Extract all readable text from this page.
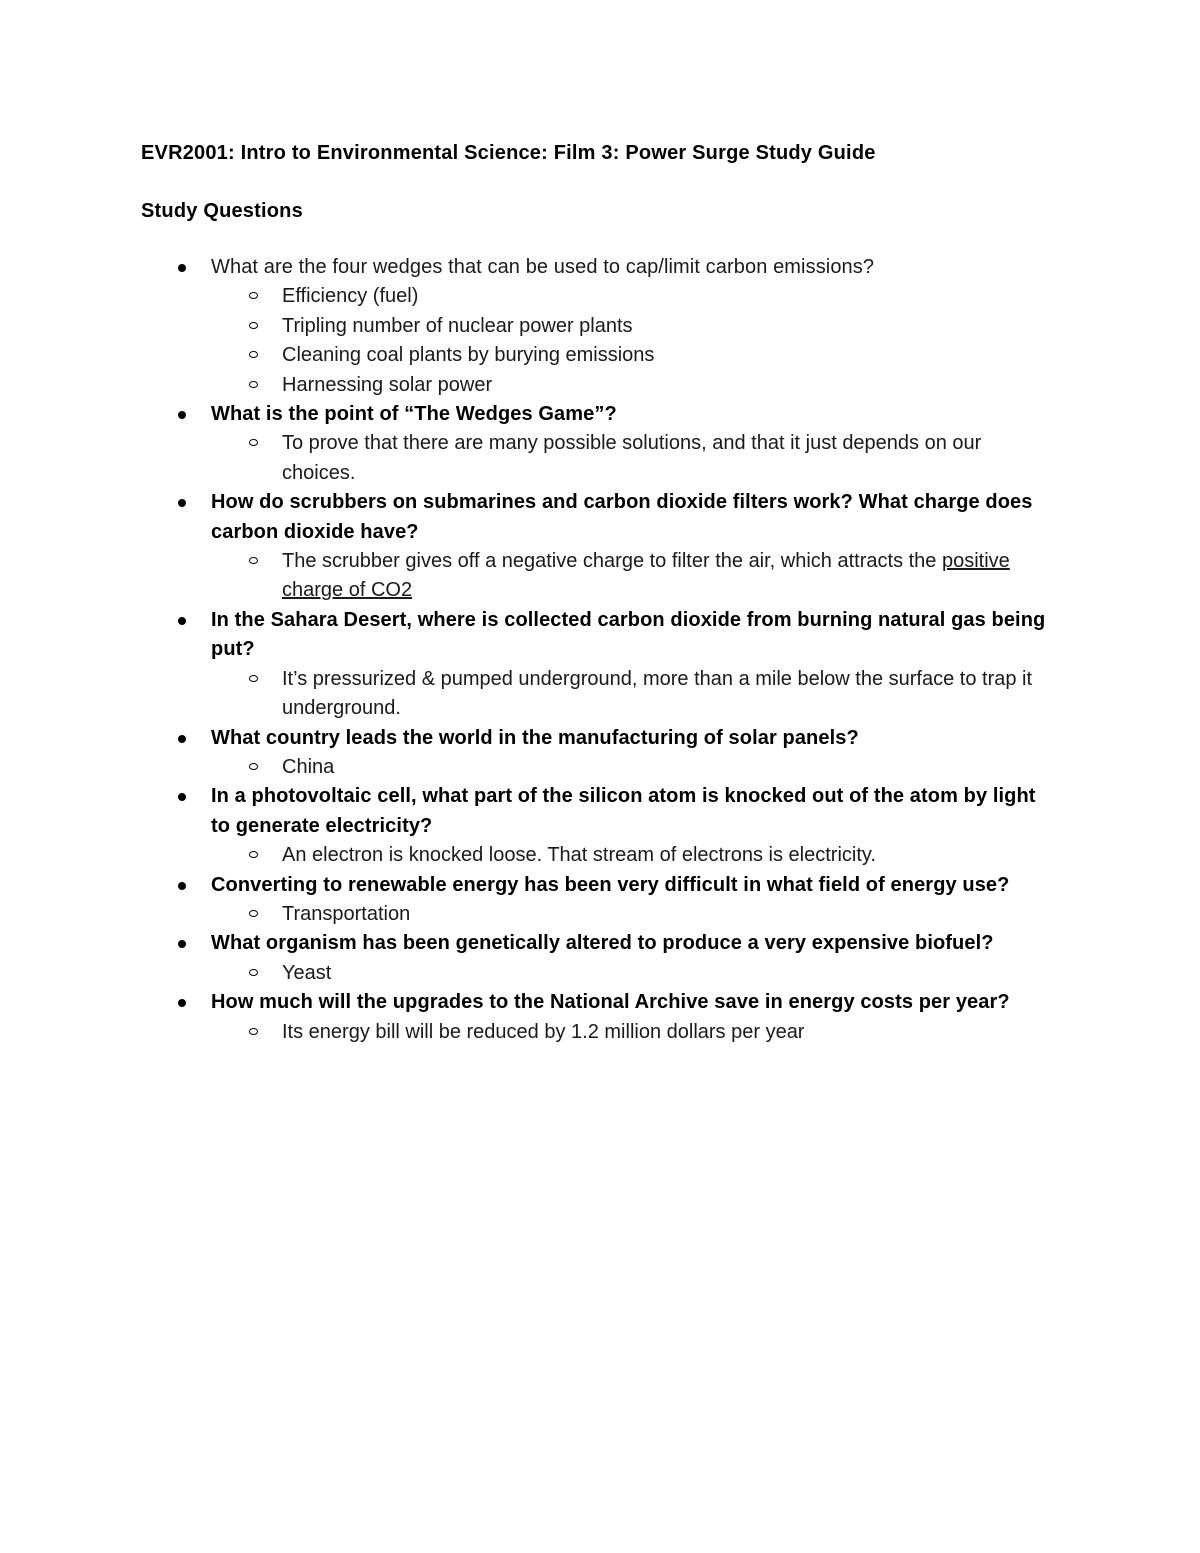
EVR2001: Intro to Environmental Science: Film 3: Power Surge Study Guide
Study Questions
What are the four wedges that can be used to cap/limit carbon emissions?
Efficiency (fuel)
Tripling number of nuclear power plants
Cleaning coal plants by burying emissions
Harnessing solar power
What is the point of “The Wedges Game”?
To prove that there are many possible solutions, and that it just depends on our choices.
How do scrubbers on submarines and carbon dioxide filters work? What charge does carbon dioxide have?
The scrubber gives off a negative charge to filter the air, which attracts the positive charge of CO2
In the Sahara Desert, where is collected carbon dioxide from burning natural gas being put?
It’s pressurized & pumped underground, more than a mile below the surface to trap it underground.
What country leads the world in the manufacturing of solar panels?
China
In a photovoltaic cell, what part of the silicon atom is knocked out of the atom by light to generate electricity?
An electron is knocked loose. That stream of electrons is electricity.
Converting to renewable energy has been very difficult in what field of energy use?
Transportation
What organism has been genetically altered to produce a very expensive biofuel?
Yeast
How much will the upgrades to the National Archive save in energy costs per year?
Its energy bill will be reduced by 1.2 million dollars per year
